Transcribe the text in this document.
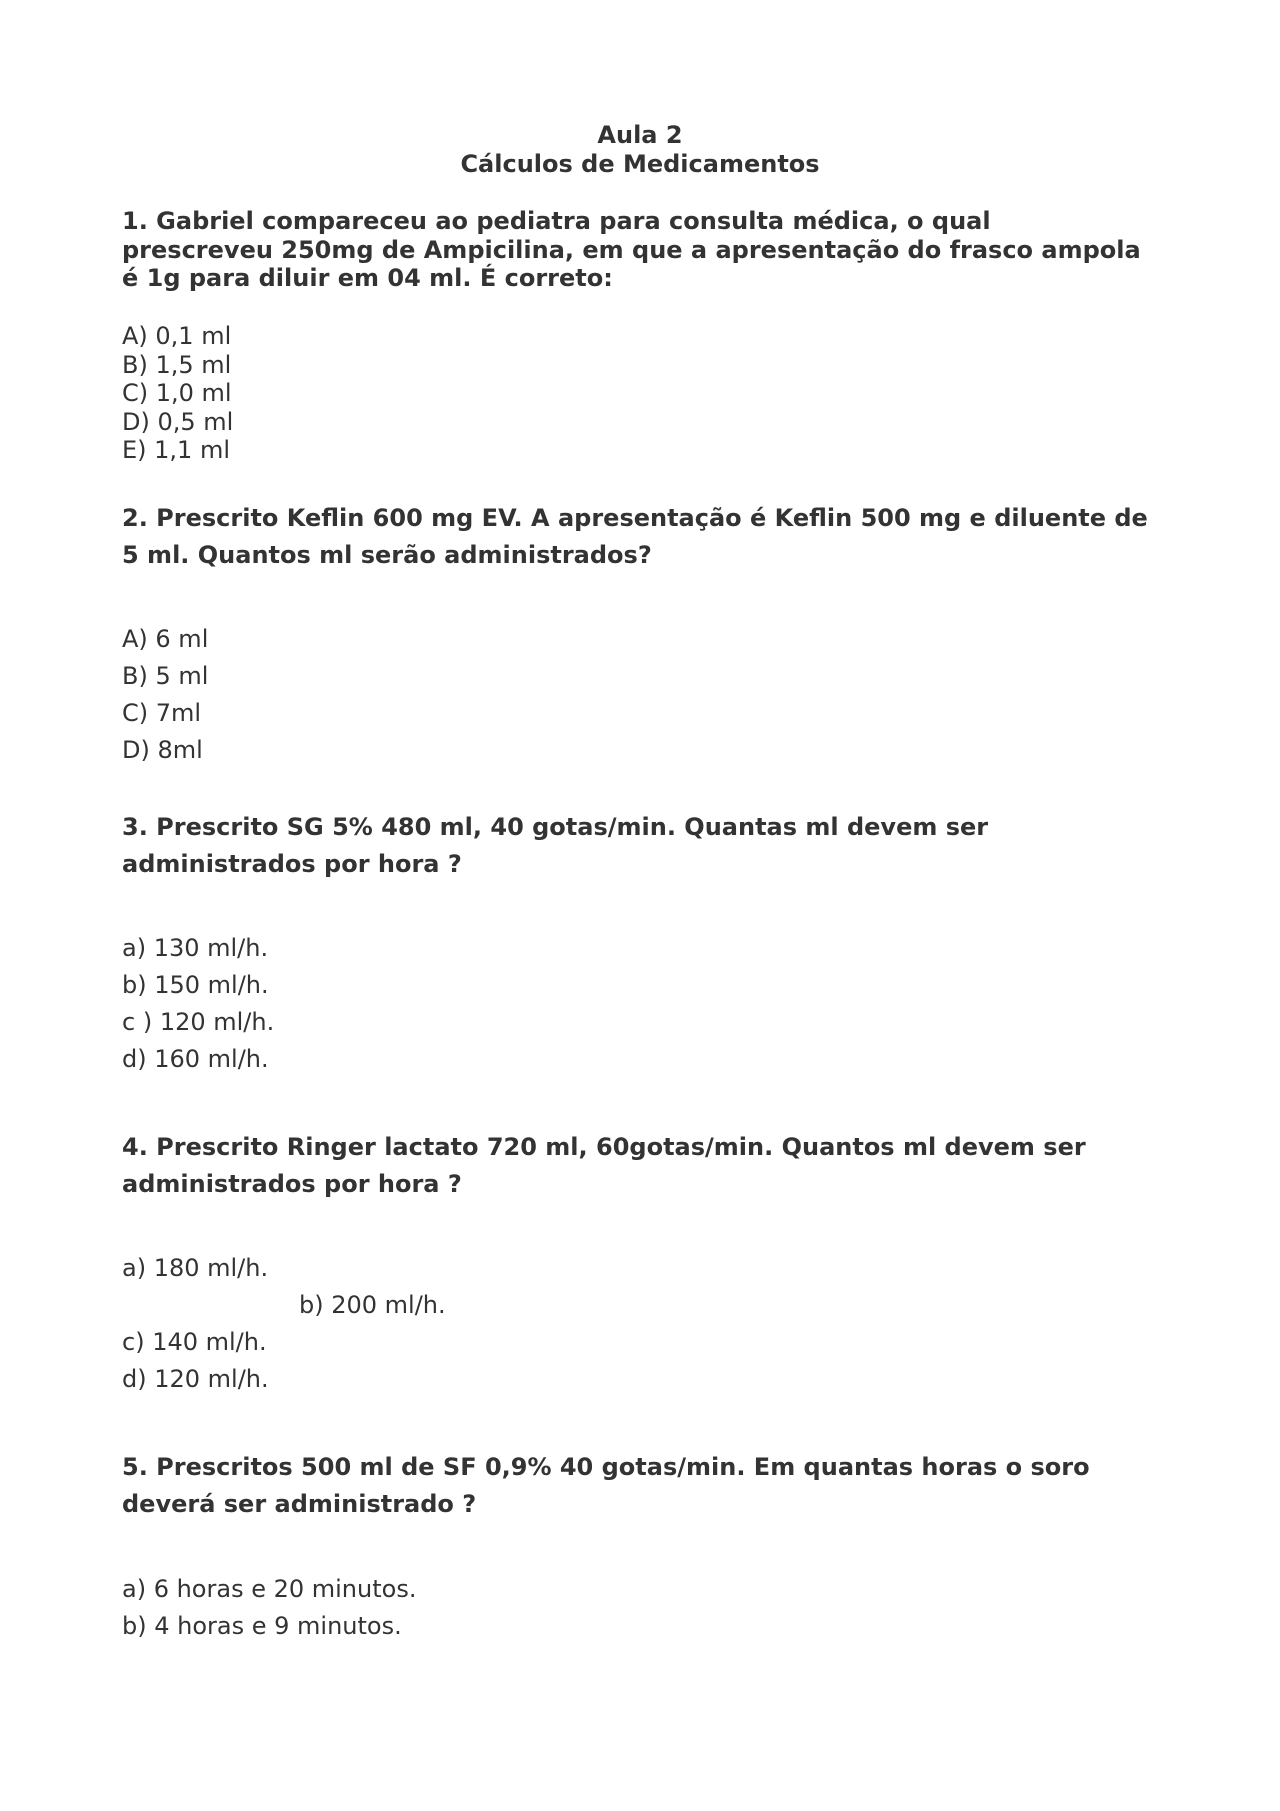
Aula 2
Cálculos de Medicamentos
1. Gabriel compareceu ao pediatra para consulta médica, o qual
prescreveu 250mg de Ampicilina, em que a apresentação do frasco ampola
é 1g para diluir em 04 ml. É correto:
A) 0,1 ml
B) 1,5 ml
C) 1,0 ml
D) 0,5 ml
E) 1,1 ml
2. Prescrito Keflin 600 mg EV. A apresentação é Keflin 500 mg e diluente de
5 ml. Quantos ml serão administrados?
A) 6 ml
B) 5 ml
C) 7ml
D) 8ml
3. Prescrito SG 5% 480 ml, 40 gotas/min. Quantas ml devem ser
administrados por hora ?
a) 130 ml/h.
b) 150 ml/h.
c ) 120 ml/h.
d) 160 ml/h.
4. Prescrito Ringer lactato 720 ml, 60gotas/min. Quantos ml devem ser
administrados por hora ?
a) 180 ml/h.
b) 200 ml/h.
c) 140 ml/h.
d) 120 ml/h.
5. Prescritos 500 ml de SF 0,9% 40 gotas/min. Em quantas horas o soro
deverá ser administrado ?
a) 6 horas e 20 minutos.
b) 4 horas e 9 minutos.
